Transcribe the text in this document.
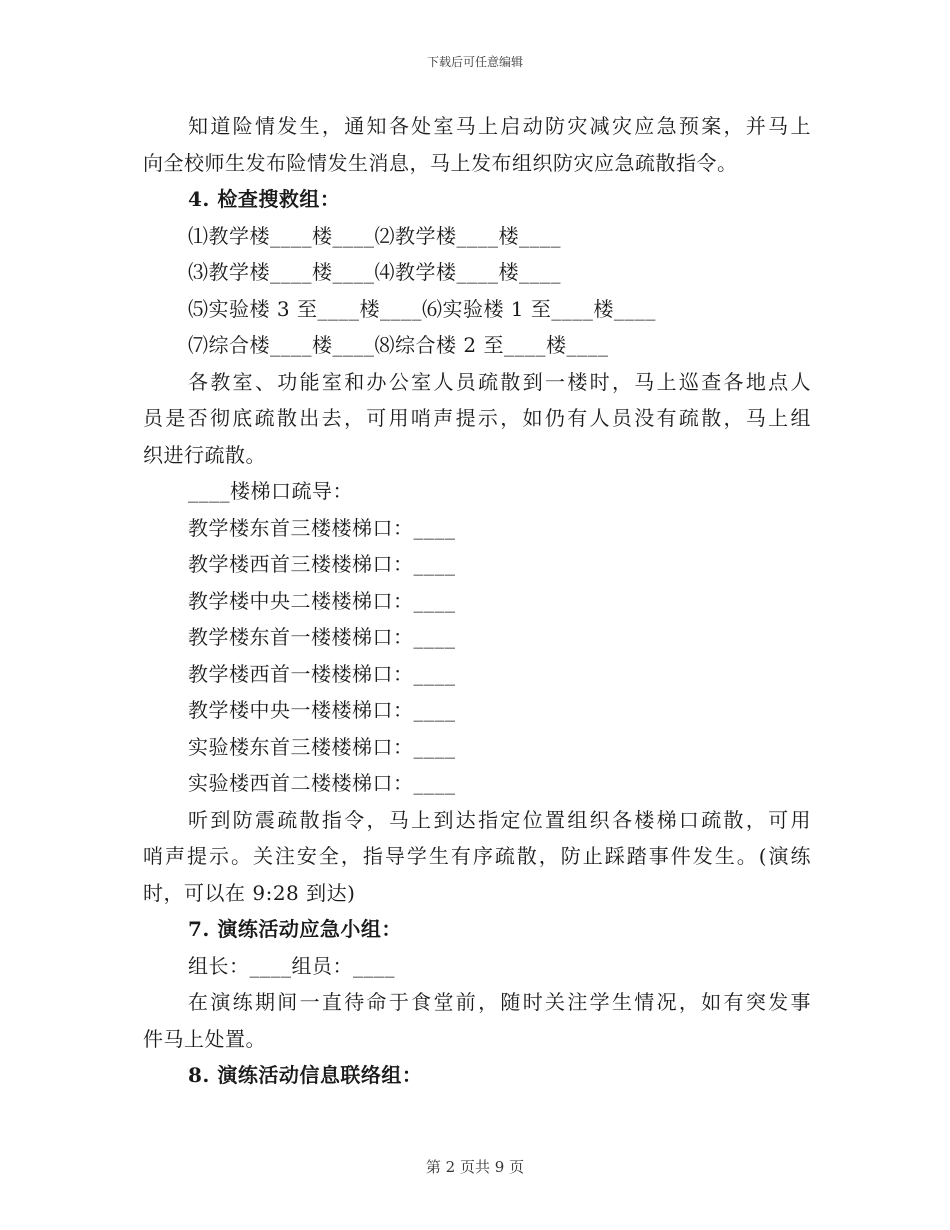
下载后可任意编辑
知道险情发生，通知各处室马上启动防灾减灾应急预案，并马上
向全校师生发布险情发生消息，马上发布组织防灾应急疏散指令。
4. 检查搜救组：
⑴教学楼____楼____⑵教学楼____楼____
⑶教学楼____楼____⑷教学楼____楼____
⑸实验楼 3 至____楼____⑹实验楼 1 至____楼____
⑺综合楼____楼____⑻综合楼 2 至____楼____
各教室、功能室和办公室人员疏散到一楼时，马上巡查各地点人
员是否彻底疏散出去，可用哨声提示，如仍有人员没有疏散，马上组
织进行疏散。
____楼梯口疏导：
教学楼东首三楼楼梯口：____
教学楼西首三楼楼梯口：____
教学楼中央二楼楼梯口：____
教学楼东首一楼楼梯口：____
教学楼西首一楼楼梯口：____
教学楼中央一楼楼梯口：____
实验楼东首三楼楼梯口：____
实验楼西首二楼楼梯口：____
听到防震疏散指令，马上到达指定位置组织各楼梯口疏散，可用
哨声提示。关注安全，指导学生有序疏散，防止踩踏事件发生。(演练
时，可以在 9:28 到达)
7. 演练活动应急小组：
组长：____组员：____
在演练期间一直待命于食堂前，随时关注学生情况，如有突发事
件马上处置。
8. 演练活动信息联络组：
第 2 页共 9 页
